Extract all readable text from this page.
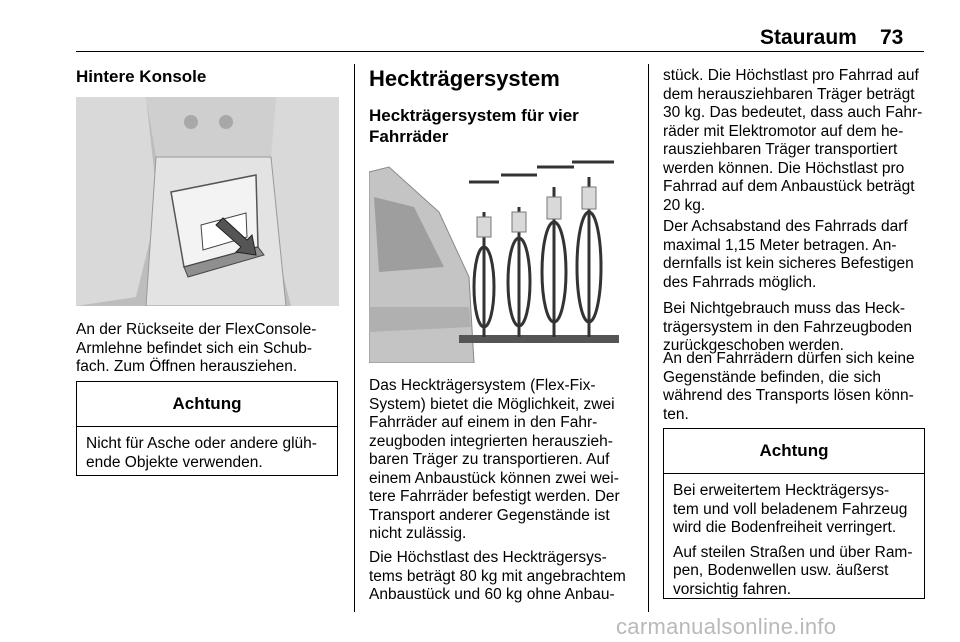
Stauraum 73
Hintere Konsole
An der Rückseite der FlexConsole-
Armlehne befindet sich ein Schub-
fach. Zum Öffnen herausziehen.
Achtung
Nicht für Asche oder andere glüh-
ende Objekte verwenden.
Heckträgersystem
Heckträgersystem für vier
Fahrräder
Das Heckträgersystem (Flex-Fix-
System) bietet die Möglichkeit, zwei
Fahrräder auf einem in den Fahr-
zeugboden integrierten herauszieh-
baren Träger zu transportieren. Auf
einem Anbaustück können zwei wei-
tere Fahrräder befestigt werden. Der
Transport anderer Gegenstände ist
nicht zulässig.
Die Höchstlast des Heckträgersys-
tems beträgt 80 kg mit angebrachtem
Anbaustück und 60 kg ohne Anbau-
stück. Die Höchstlast pro Fahrrad auf
dem herausziehbaren Träger beträgt
30 kg. Das bedeutet, dass auch Fahr-
räder mit Elektromotor auf dem he-
rausziehbaren Träger transportiert
werden können. Die Höchstlast pro
Fahrrad auf dem Anbaustück beträgt
20 kg.
Der Achsabstand des Fahrrads darf
maximal 1,15 Meter betragen. An-
dernfalls ist kein sicheres Befestigen
des Fahrrads möglich.
Bei Nichtgebrauch muss das Heck-
trägersystem in den Fahrzeugboden
zurückgeschoben werden.
An den Fahrrädern dürfen sich keine
Gegenstände befinden, die sich
während des Transports lösen könn-
ten.
Achtung

Bei erweitertem Heckträgersys-
tem und voll beladenem Fahrzeug
wird die Bodenfreiheit verringert.

Auf steilen Straßen und über Ram-
pen, Bodenwellen usw. äußerst
vorsichtig fahren.

carmanualsonline.info
